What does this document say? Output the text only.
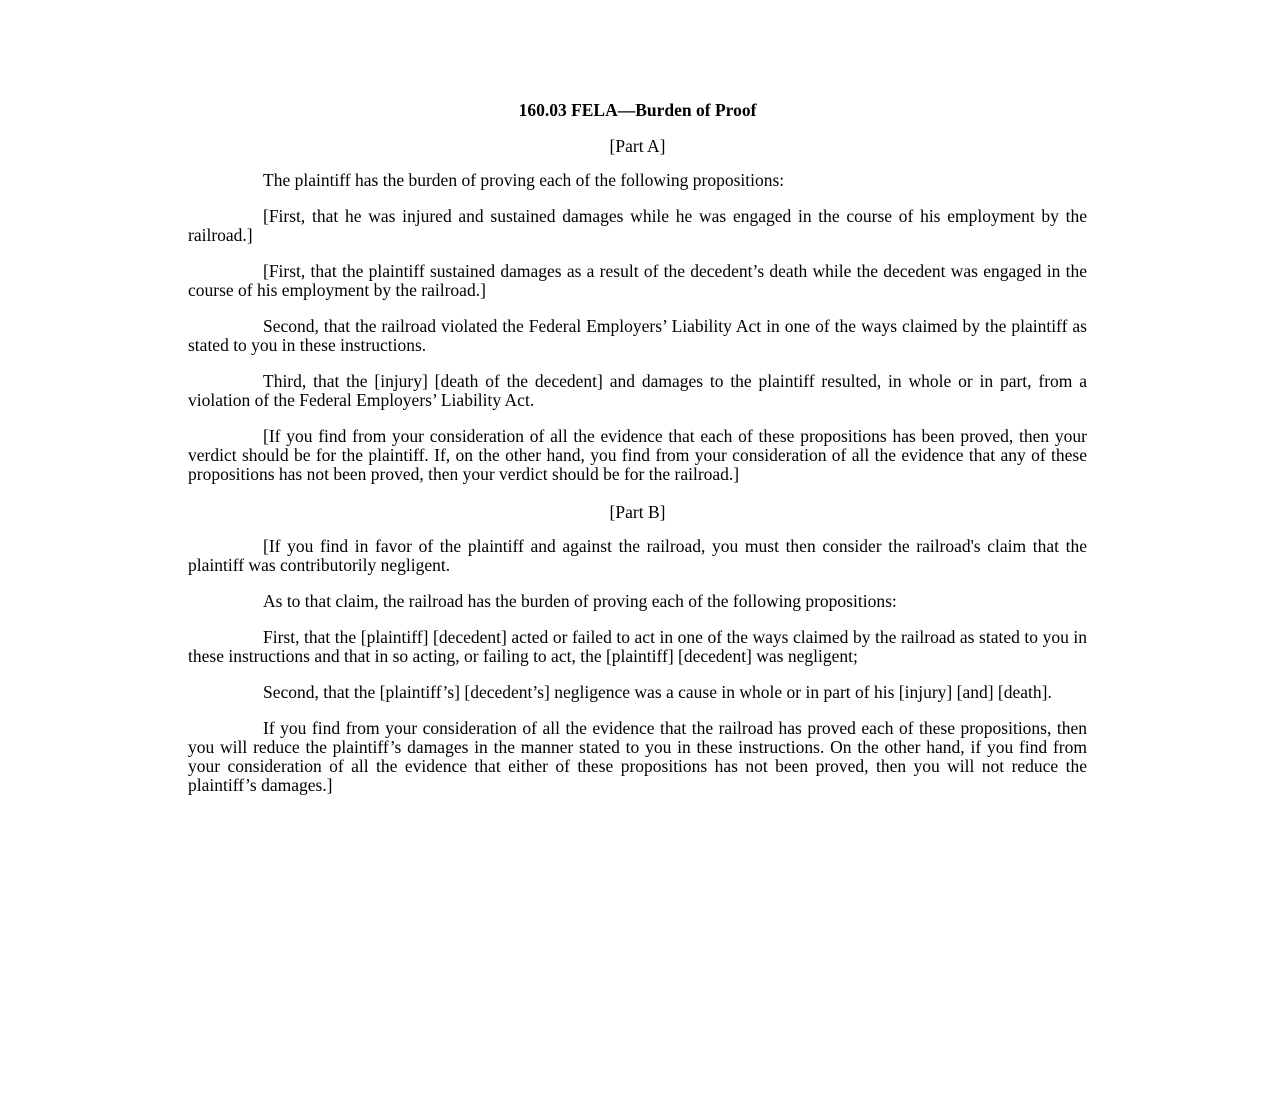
160.03 FELA—Burden of Proof
[Part A]

The plaintiff has the burden of proving each of the following propositions:

[First, that he was injured and sustained damages while he was engaged in the course of his employment by the railroad.]

[First, that the plaintiff sustained damages as a result of the decedent’s death while the decedent was engaged in the course of his employment by the railroad.]

Second, that the railroad violated the Federal Employers’ Liability Act in one of the ways claimed by the plaintiff as stated to you in these instructions.

Third, that the [injury] [death of the decedent] and damages to the plaintiff resulted, in whole or in part, from a violation of the Federal Employers’ Liability Act.

[If you find from your consideration of all the evidence that each of these propositions has been proved, then your verdict should be for the plaintiff. If, on the other hand, you find from your consideration of all the evidence that any of these propositions has not been proved, then your verdict should be for the railroad.]

[Part B]

[If you find in favor of the plaintiff and against the railroad, you must then consider the railroad's claim that the plaintiff was contributorily negligent.

As to that claim, the railroad has the burden of proving each of the following propositions:

First, that the [plaintiff] [decedent] acted or failed to act in one of the ways claimed by the railroad as stated to you in these instructions and that in so acting, or failing to act, the [plaintiff] [decedent] was negligent;

Second, that the [plaintiff’s] [decedent’s] negligence was a cause in whole or in part of his [injury] [and] [death].

If you find from your consideration of all the evidence that the railroad has proved each of these propositions, then you will reduce the plaintiff’s damages in the manner stated to you in these instructions. On the other hand, if you find from your consideration of all the evidence that either of these propositions has not been proved, then you will not reduce the plaintiff’s damages.]
